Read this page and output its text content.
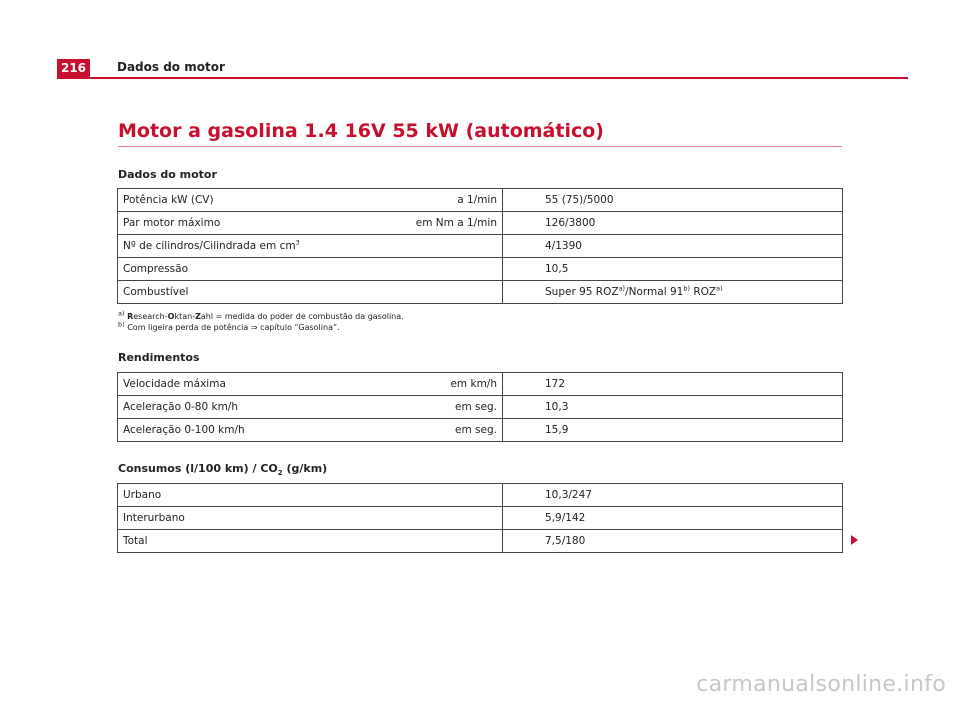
216	Dados do motor
Motor a gasolina 1.4 16V 55 kW (automático)
Dados do motor
Potência kW (CV) a 1/min	55 (75)/5000

Par motor máximo em Nm a 1/min	126/3800

Nº de cilindros/Cilindrada em $cm^3$	4/1390

Compressão	10,5

Combustível	Super 95 ROZ$^{a)}$/Normal 91$^{b)}$ ROZ$^{a)}$
$^{a)}$ Research-Oktan-Zahl = medida do poder de combustão da gasolina.
$^{b)}$ Com ligeira perda de potência ⇒ capítulo “Gasolina”.
Rendimentos
Velocidade máxima em km/h	172

Aceleração 0-80 km/h em seg.	10,3

Aceleração 0-100 km/h em seg.	15,9
Consumos (l/100 $km) / CO_2$ (g/km)
Urbano	10,3/247

Interurbano	5,9/142

Total	7,5/180
carmanualsonline.info
